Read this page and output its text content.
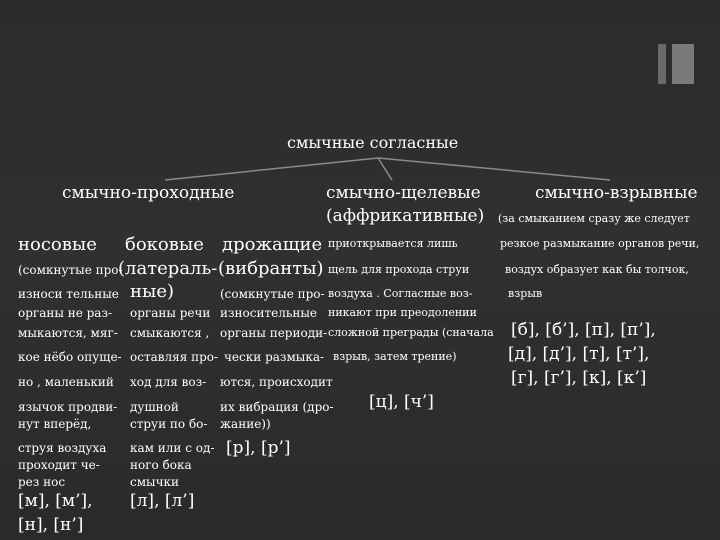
смычные согласные
смычно-проходные	смычно-щелевые
(аффрикативные)
смычно-взрывные
носовые
(сомкнутые про-
износи тельные
органы не раз-
мыкаются, мяг-
кое нёбо опуще-
но , маленький
язычок продви-
нут вперёд,
струя воздуха
проходит че-
рез нос
[м], [м’],
[н], [н’]
боковые
(латераль-
ные)
органы речи
смыкаются ,
оставляя про-
ход для воз-
душной
струи по бо-
кам или с од-
ного бока
смычки
[л], [л’]
дрожащие
(вибранты)
(сомкнутые про-
износительные
органы периоди-
чески размыка-
ются, происходит
их вибрация (дро-
жание))
[р], [р’]
приоткрывается лишь
щель для прохода струи
воздуха . Согласные воз-
никают при преодолении
сложной преграды (сначала
взрыв, затем трение)
[ц], [ч’]
(за смыканием сразу же следует
резкое размыкание органов речи,
воздух образует как бы толчок,
взрыв
[б], [б’], [п], [п’],
[д], [д’], [т], [т’],
[г], [г’], [к], [к’]
